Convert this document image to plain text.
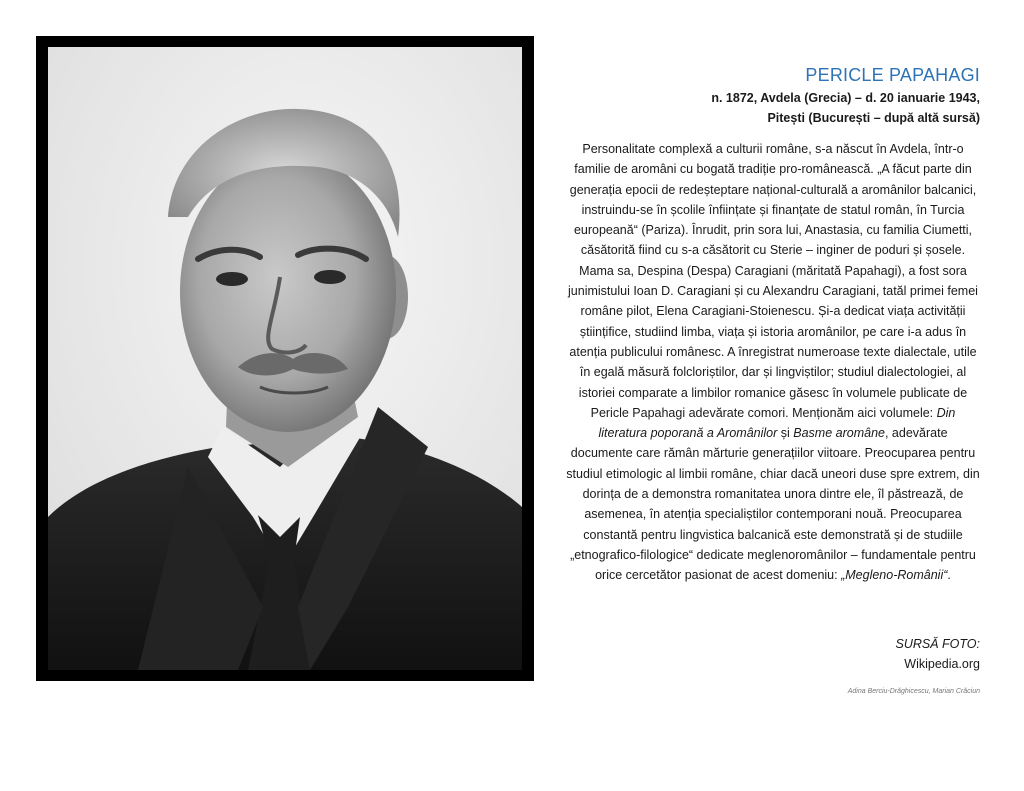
PERICLE PAPAHAGI

n. 1872, Avdela (Grecia) – d. 20 ianuarie 1943,

Pitești (București – după altă sursă)

Personalitate complexă a culturii române, s-a născut în Avdela, într-o familie de aromâni cu bogată tradiție pro-românească. „A făcut parte din generația epocii de redeșteptare național-culturală a aromânilor balcanici, instruindu-se în școlile înființate și finanțate de statul român, în Turcia europeană“ (Pariza). Înrudit, prin sora lui, Anastasia, cu familia Ciumetti, căsătorită fiind cu s-a căsătorit cu Sterie – inginer de poduri și șosele. Mama sa, Despina (Despa) Caragiani (măritată Papahagi), a fost sora junimistului Ioan D. Caragiani și cu Alexandru Caragiani, tatăl primei femei române pilot, Elena Caragiani-Stoienescu. Și-a dedicat viața activității științifice, studiind limba, viața și istoria aromânilor, pe care i-a adus în atenția publicului românesc. A înregistrat numeroase texte dialectale, utile în egală măsură folcloriștilor, dar și lingviștilor; studiul dialectologiei, al istoriei comparate a limbilor romanice găsesc în volumele publicate de Pericle Papahagi adevărate comori. Menționăm aici volumele: Din literatura poporană a Aromânilor și Basme aromâne, adevărate documente care rămân mărturie generațiilor viitoare. Preocuparea pentru studiul etimologic al limbii române, chiar dacă uneori duse spre extrem, din dorința de a demonstra romanitatea unora dintre ele, îl păstrează, de asemenea, în atenția specialiștilor contemporani nouă. Preocuparea constantă pentru lingvistica balcanică este demonstrată și de studiile „etnografico-filologice“ dedicate meglenoromânilor – fundamentale pentru orice cercetător pasionat de acest domeniu: „Megleno-Românii“.

SURSĂ FOTO:
Wikipedia.org
Adina Berciu-Drăghicescu, Marian Crăciun
